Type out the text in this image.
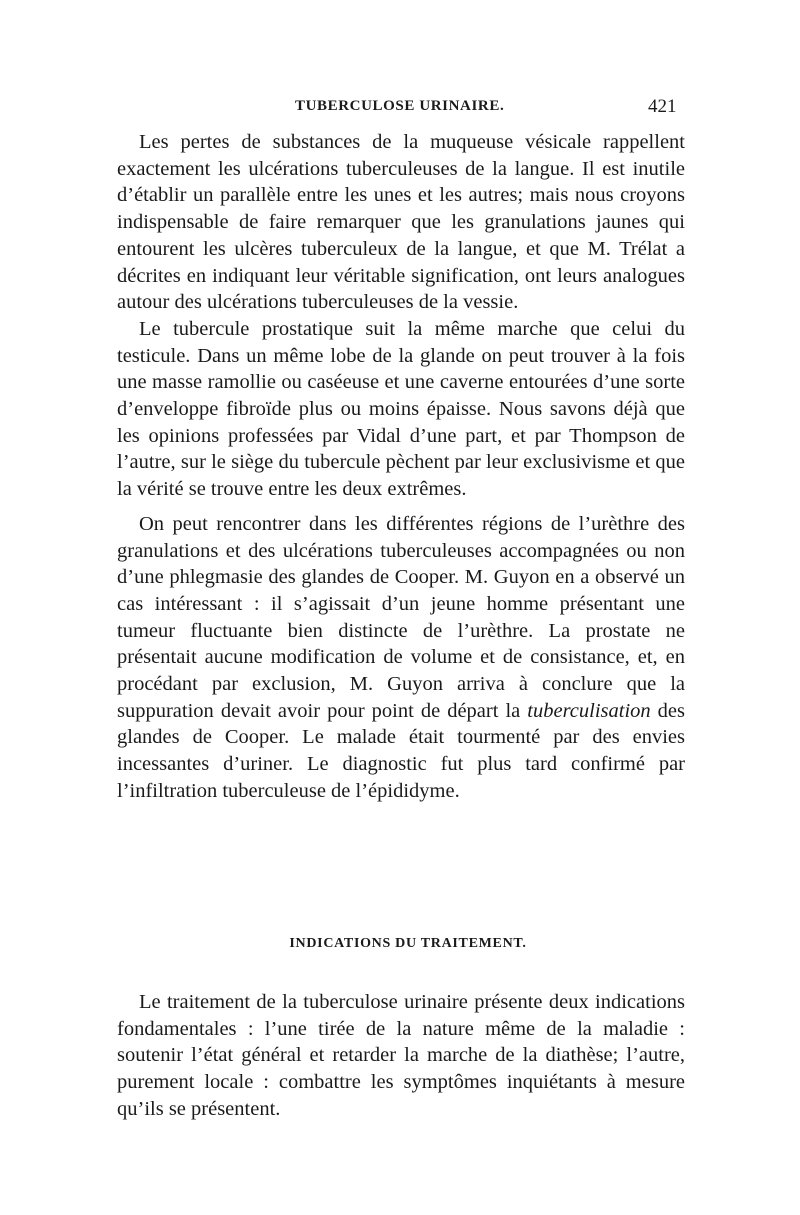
TUBERCULOSE URINAIRE.	421

Les pertes de substances de la muqueuse vésicale rappellent exactement les ulcérations tuberculeuses de la langue. Il est inutile d’établir un parallèle entre les unes et les autres; mais nous croyons indispensable de faire remarquer que les granulations jaunes qui entourent les ulcères tuberculeux de la langue, et que M. Trélat a décrites en indiquant leur véritable signification, ont leurs analogues autour des ulcérations tuberculeuses de la vessie.

Le tubercule prostatique suit la même marche que celui du testicule. Dans un même lobe de la glande on peut trouver à la fois une masse ramollie ou caséeuse et une caverne entourées d’une sorte d’enveloppe fibroïde plus ou moins épaisse. Nous savons déjà que les opinions professées par Vidal d’une part, et par Thompson de l’autre, sur le siège du tubercule pèchent par leur exclusivisme et que la vérité se trouve entre les deux extrêmes.

On peut rencontrer dans les différentes régions de l’urèthre des granulations et des ulcérations tuberculeuses accompagnées ou non d’une phlegmasie des glandes de Cooper. M. Guyon en a observé un cas intéressant : il s’agissait d’un jeune homme présentant une tumeur fluctuante bien distincte de l’urèthre. La prostate ne présentait aucune modification de volume et de consistance, et, en procédant par exclusion, M. Guyon arriva à conclure que la suppuration devait avoir pour point de départ la tuberculisation des glandes de Cooper. Le malade était tourmenté par des envies incessantes d’uriner. Le diagnostic fut plus tard confirmé par l’infiltration tuberculeuse de l’épididyme.

INDICATIONS DU TRAITEMENT.

Le traitement de la tuberculose urinaire présente deux indications fondamentales : l’une tirée de la nature même de la maladie : soutenir l’état général et retarder la marche de la diathèse; l’autre, purement locale : combattre les symptômes inquiétants à mesure qu’ils se présentent.
